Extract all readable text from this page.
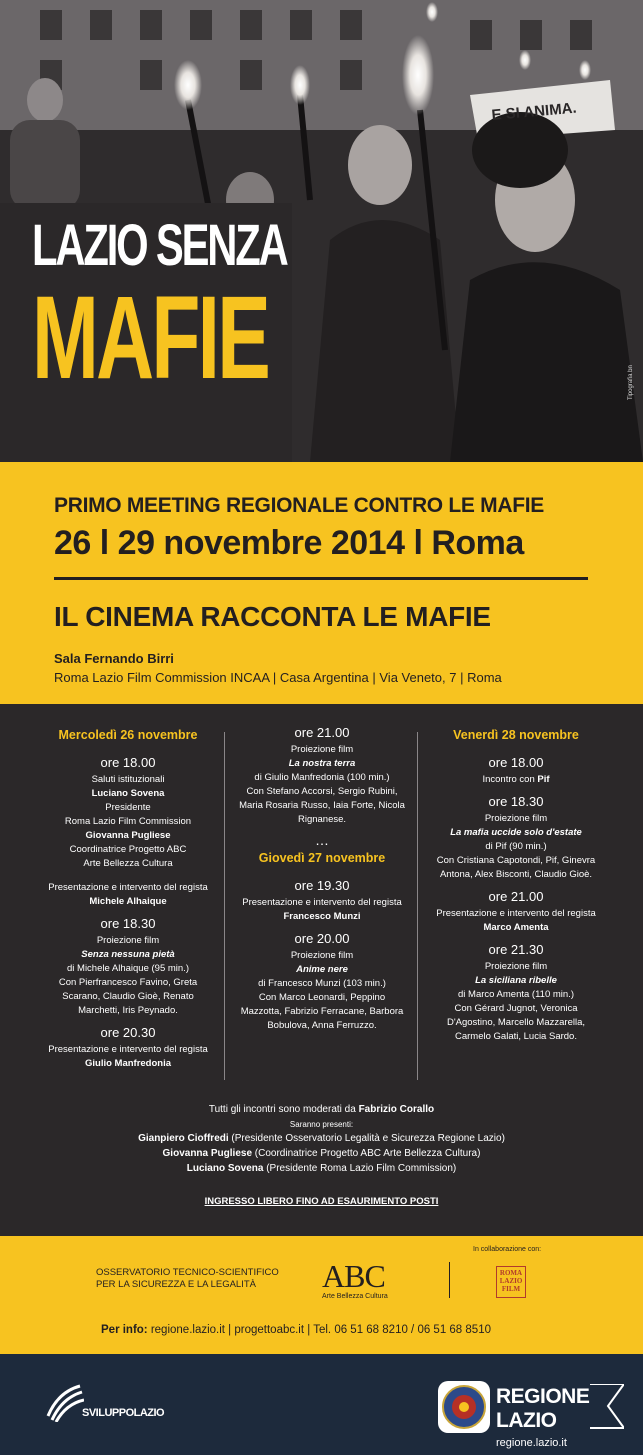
E SI ANIMA.
LAZIO SENZA
MAFIE	Tipografia bn
PRIMO MEETING REGIONALE CONTRO LE MAFIE
26 l 29 novembre 2014 l Roma
IL CINEMA RACCONTA LE MAFIE
Sala Fernando Birri
Roma Lazio Film Commission INCAA | Casa Argentina | Via Veneto, 7 | Roma
Mercoledì 26 novembre
ore 18.00
Saluti istituzionali
Luciano Sovena
Presidente
Roma Lazio Film Commission
Giovanna Pugliese
Coordinatrice Progetto ABC
Arte Bellezza Cultura
Presentazione e intervento del regista
Michele Alhaique
ore 18.30
Proiezione film
Senza nessuna pietà
di Michele Alhaique (95 min.)
Con Pierfrancesco Favino, Greta Scarano, Claudio Gioè, Renato Marchetti, Iris Peynado.
ore 20.30
Presentazione e intervento del regista
Giulio Manfredonia
ore 21.00
Proiezione film
La nostra terra
di Giulio Manfredonia (100 min.)
Con Stefano Accorsi, Sergio Rubini, Maria Rosaria Russo, Iaia Forte, Nicola Rignanese.
…
Giovedì 27 novembre
ore 19.30
Presentazione e intervento del regista
Francesco Munzi
ore 20.00
Proiezione film
Anime nere
di Francesco Munzi (103 min.)
Con Marco Leonardi, Peppino Mazzotta, Fabrizio Ferracane, Barbora Bobulova, Anna Ferruzzo.
Venerdì 28 novembre
ore 18.00
Incontro con Pif
ore 18.30
Proiezione film
La mafia uccide solo d'estate
di Pif (90 min.)
Con Cristiana Capotondi, Pif, Ginevra Antona, Alex Bisconti, Claudio Gioè.
ore 21.00
Presentazione e intervento del regista
Marco Amenta
ore 21.30
Proiezione film
La siciliana ribelle
di Marco Amenta (110 min.)
Con Gérard Jugnot, Veronica D'Agostino, Marcello Mazzarella, Carmelo Galati, Lucia Sardo.
Tutti gli incontri sono moderati da Fabrizio Corallo
Saranno presenti:
Gianpiero Cioffredi (Presidente Osservatorio Legalità e Sicurezza Regione Lazio)
Giovanna Pugliese (Coordinatrice Progetto ABC Arte Bellezza Cultura)
Luciano Sovena (Presidente Roma Lazio Film Commission)
INGRESSO LIBERO FINO AD ESAURIMENTO POSTI
OSSERVATORIO TECNICO-SCIENTIFICO
PER LA SICUREZZA E LA LEGALITÀ	ABC
Arte Bellezza Cultura
In collaborazione con:
ROMA LAZIO FILM
Per info: regione.lazio.it | progettoabc.it | Tel. 06 51 68 8210 / 06 51 68 8510
SVILUPPOLAZIO
REGIONE
LAZIO
regione.lazio.it
